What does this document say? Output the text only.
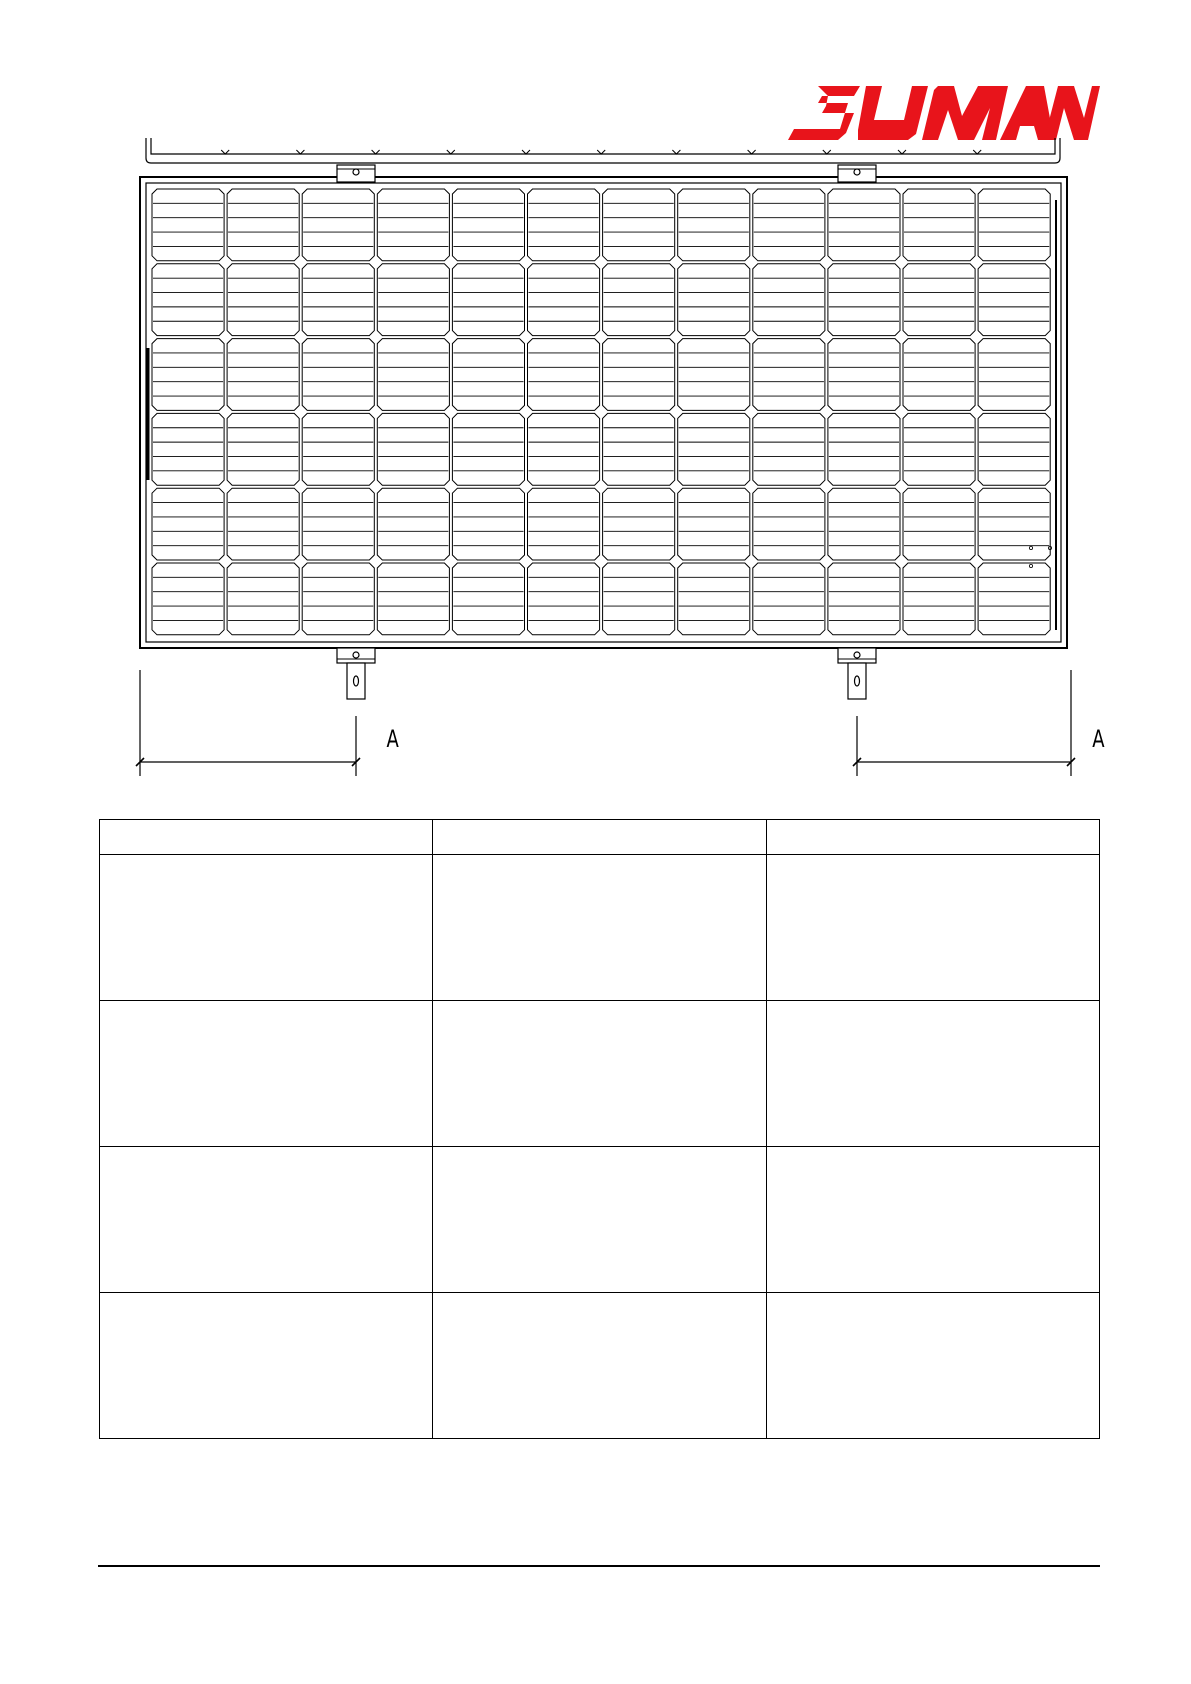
A	A
